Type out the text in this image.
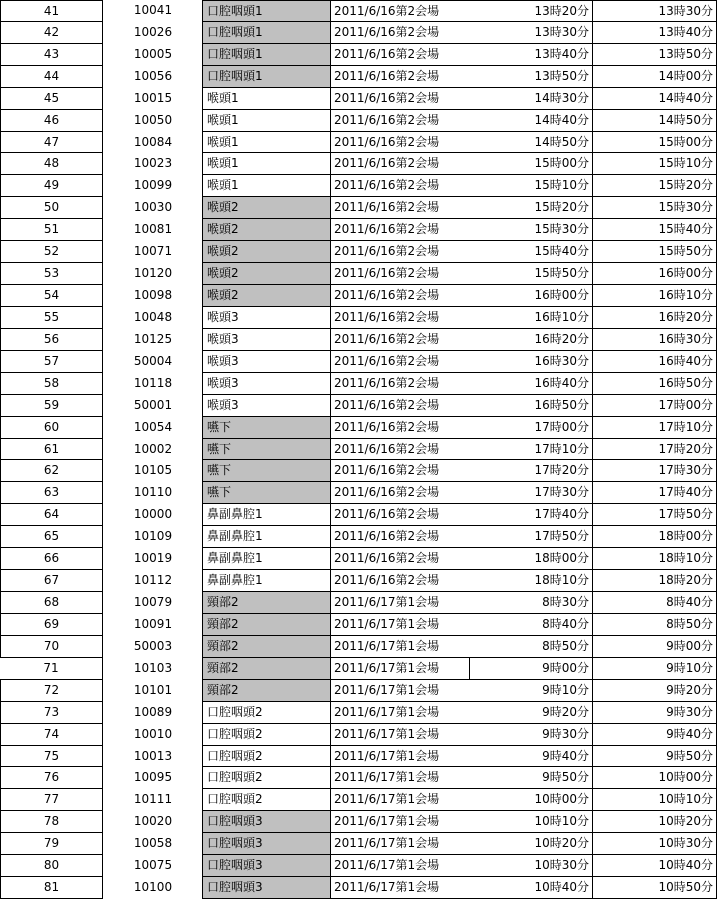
41	10041	口腔咽頭1	2011/6/16第2会場	13時20分	13時30分
42	10026	口腔咽頭1	2011/6/16第2会場	13時30分	13時40分
43	10005	口腔咽頭1	2011/6/16第2会場	13時40分	13時50分
44	10056	口腔咽頭1	2011/6/16第2会場	13時50分	14時00分
45	10015	喉頭1	2011/6/16第2会場	14時30分	14時40分
46	10050	喉頭1	2011/6/16第2会場	14時40分	14時50分
47	10084	喉頭1	2011/6/16第2会場	14時50分	15時00分
48	10023	喉頭1	2011/6/16第2会場	15時00分	15時10分
49	10099	喉頭1	2011/6/16第2会場	15時10分	15時20分
50	10030	喉頭2	2011/6/16第2会場	15時20分	15時30分
51	10081	喉頭2	2011/6/16第2会場	15時30分	15時40分
52	10071	喉頭2	2011/6/16第2会場	15時40分	15時50分
53	10120	喉頭2	2011/6/16第2会場	15時50分	16時00分
54	10098	喉頭2	2011/6/16第2会場	16時00分	16時10分
55	10048	喉頭3	2011/6/16第2会場	16時10分	16時20分
56	10125	喉頭3	2011/6/16第2会場	16時20分	16時30分
57	50004	喉頭3	2011/6/16第2会場	16時30分	16時40分
58	10118	喉頭3	2011/6/16第2会場	16時40分	16時50分
59	50001	喉頭3	2011/6/16第2会場	16時50分	17時00分
60	10054	嚥下	2011/6/16第2会場	17時00分	17時10分
61	10002	嚥下	2011/6/16第2会場	17時10分	17時20分
62	10105	嚥下	2011/6/16第2会場	17時20分	17時30分
63	10110	嚥下	2011/6/16第2会場	17時30分	17時40分
64	10000	鼻副鼻腔1	2011/6/16第2会場	17時40分	17時50分
65	10109	鼻副鼻腔1	2011/6/16第2会場	17時50分	18時00分
66	10019	鼻副鼻腔1	2011/6/16第2会場	18時00分	18時10分
67	10112	鼻副鼻腔1	2011/6/16第2会場	18時10分	18時20分
68	10079	頸部2	2011/6/17第1会場	8時30分	8時40分
69	10091	頸部2	2011/6/17第1会場	8時40分	8時50分
70	50003	頸部2	2011/6/17第1会場	8時50分	9時00分
71	10103	頸部2	2011/6/17第1会場	9時00分	9時10分
72	10101	頸部2	2011/6/17第1会場	9時10分	9時20分
73	10089	口腔咽頭2	2011/6/17第1会場	9時20分	9時30分
74	10010	口腔咽頭2	2011/6/17第1会場	9時30分	9時40分
75	10013	口腔咽頭2	2011/6/17第1会場	9時40分	9時50分
76	10095	口腔咽頭2	2011/6/17第1会場	9時50分	10時00分
77	10111	口腔咽頭2	2011/6/17第1会場	10時00分	10時10分
78	10020	口腔咽頭3	2011/6/17第1会場	10時10分	10時20分
79	10058	口腔咽頭3	2011/6/17第1会場	10時20分	10時30分
80	10075	口腔咽頭3	2011/6/17第1会場	10時30分	10時40分
81	10100	口腔咽頭3	2011/6/17第1会場	10時40分	10時50分
